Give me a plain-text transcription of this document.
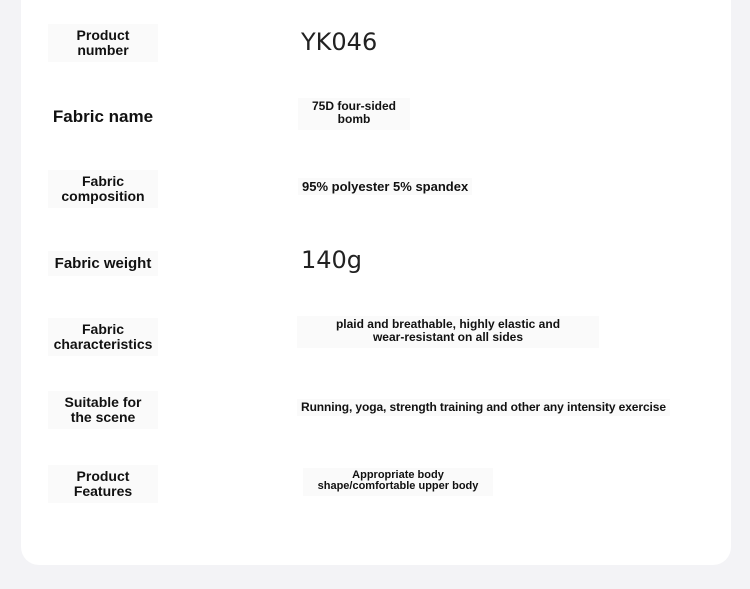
Product
number	YK046
Fabric name
75D four-sided
bomb
Fabric
composition
95% polyester 5% spandex
Fabric weight	140g
Fabric
characteristics
plaid and breathable, highly elastic and
wear-resistant on all sides
Suitable for
the scene
Running, yoga, strength training and other any intensity exercise
Product
Features
Appropriate body
shape/comfortable upper body
